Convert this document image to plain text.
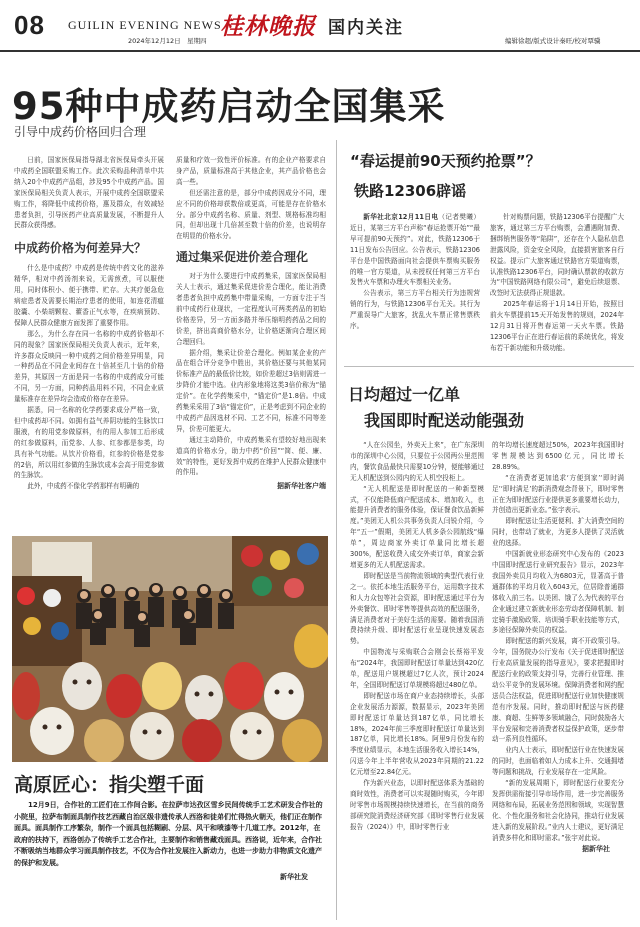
08 GUILIN EVENING NEWS
2024年12月12日　星期四
桂林晚报 国内关注
编辑徐超/版式设计秦旺/校对覃骥
95种中成药启动全国集采
引导中成药价格回归合理

日前，国家医保局指导湖北省医保局牵头开展中成药全国联盟采购工作。此次采购品种清单中共纳入20个中成药产品组，涉及95个中成药产品。国家医保局相关负责人表示，开展中成药全国联盟采购工作，将降低中成药价格，惠及群众，有效减轻患者负担，引导医药产业高质量发展，不断提升人民群众获得感。

中成药价格为何差异大？

什么是中成药？中成药是传统中药文化的滋养精华，相对中药汤剂来说，无需煎煮，可以服使用，同时体积小、便于携带、贮存。大其疗便急危病症患者及需要长期治疗患者的使用，如连花清瘟胶囊、小柴胡颗粒、藿香正气水等，在疾病预防、保障人民群众健康方面发挥了重要作用。

那么，为什么存在同一名称的中成药价格却不同的现象？国家医保局相关负责人表示，近年来，许多群众反映同一种中成药之间价格差异明显，同一种药品在不同企业间存在十倍甚至几十倍的价格差异，其原因一方面是同一名称的中成药成分可能不同，另一方面，同种药品用料不同，不同企业质量标准存在差异均会造成价格存在差异。

据悉，同一名称的化学药要求成分严格一致，但中成药却不同。如拥有益气养阴功能的生脉饮口服液，有的用党参做原料，有的用人参加工后形成的红参做原料，而党参、人参、红参都是参类，均具有补气功能。从饮片价格看，红参的价格是党参的2倍，所以用红参做的生脉饮成本会高于用党参做的生脉饮。

此外，中成药不像化学药那样有明确的

质量和疗效一致性评价标准。有的企业产格要求自身产品，质量标准高于其他企业，其产品价格也会高一些。

但还需注意的是，部分中成药因成分不同，理应不同的价格却获数倍或更高，可能是存在价格水分。部分中成药名称、质量、剂型、规格标准均相同，但却出现十几倍甚至数十倍的价差，也说明存在明显的价格水分。

通过集采促进价差合理化

对于为什么要进行中成药集采，国家医保局相关人士表示，通过集采促进价差合理化，能让消费者患者负担中成药集中带量采购，一方面专注于当前中成药行业现状，一定程度认可两类药品的初始价格差异，另一方面多路并举压缩明药药品之间的价差，挤出高商价格水分，让价格逐渐向合理区间合理回归。

据介绍，集采让价差合理化。例如某企业的产品在组合评分竞争中胜出，其价格还要与其他某同价标准产品的最低价比较，如价差超过3倍则需进一步降价才能中选。业内形象地将这类3倍价称为“锚定价”。在化学药集采中，“锚定价”是1.8倍。中成药集采采用了3倍“锚定价”，正是考虑到不同企业的中成药产品因选材不同、工艺不同，标准不同等差异，价差可能更大。

通过主动降价，中成药集采有望较好地出现来道高的价格水分，助力中药“价回”“简、便、廉、效”的特性，更好发挥中成药在维护人民群众健康中的作用。

据新华社客户端
高原匠心：指尖塑千面
12月9日，合作社的工匠们在工作间合影。在拉萨市达孜区雪乡民间传统手工艺术研发合作社的小院里，拉萨布制面具制作技艺西藏自治区级非遗传承人西洛和徒弟们忙得热火朝天，他们正在制作面具。面具制作工序繁杂，制作一个面具包括糊刷、分层、风干和喷漆等十几道工序。2012年，在政府的扶持下，西洛创办了传统手工艺合作社，主要制作和销售藏戏面具。西洛说，近年来，合作社不断吸纳当地群众学习面具制作技艺，不仅为合作社发展注入新动力，也进一步助力非物质文化遗产的保护和发展。
新华社发
“春运提前90天预约抢票”？
铁路12306辟谣

新华社北京12月11日电（记者樊曦）近日，某第三方平台声称“春运抢票开始”“最早可提前90天预约”。对此，铁路12306于11日发布公告回应。公告表示，铁路12306平台是中国铁路面向社会提供车票购买服务的唯一官方渠道，从未授权任何第三方平台发售火车票和办理火车票相关业务。

公告表示，第三方平台相关行为违规营销的行为，与铁路12306平台无关。其行为严重误导广大旅客，扰乱火车票正常售票秩序。

针对购票问题，铁路12306平台提醒广大旅客，通过第三方平台购票，会遭遇附加费、捆绑销售服务等“陷阱”，还存在个人隐私信息泄露风险，资金安全风险，直接损害旅客自行权益。提示广大旅客通过铁路官方渠道购票，认准铁路12306平台，同时确认票款的收款方为“中国铁路网络有限公司”，避免后续退票、改签时无法获得正规退款。

2025年春运将于1月14日开始，按照目前火车票提前15天开始发售的规则，2024年12月31日将开售春运第一天火车票。铁路12306平台正在进行春运前的系统优化，将发布若干新功能和升级功能。

日均超过一亿单
我国即时配送动能强劲

“人在公园坐，外卖天上来”，在广东深圳市的深圳中心公园，只要位于公园两公里范围内，餐饮食品最快只需要10分钟，便能够通过无人机配送到公园内的无人机空投柜上。

“无人机配送是即时配送的一种新型模式，不仅能降低商户配送成本、增加收入，也能提升消费者的服务体验，保证餐食饮品新鲜度。”美团无人机公共事务负责人闫锐介绍，今年“五一”假期，美团无人机多条公园航线“爆单”，周边商家外卖订单量同比增长超300%，配送收费入成交外卖订单，商家会新增更多的无人机配送需求。

即时配送是当前物流领域的典型代表行业之一。依托本地生活服务平台，运用数字技术和人力众包等社会资源，即时配送通过平台为外卖餐饮、即时零售等提供高效的配送服务，满足消费者对于美好生活的需要。随着我国消费持续升级、即时配送行业呈现快速发展态势。

中国物流与采购联合会刚会长蔡裕平发布“2024年，我国即时配送订单量达到420亿单，配送用户规模超过7亿人次，预计2024年，全国即时配送订单规模将超过480亿单。

即时配送市场在商户业态持续增长，头部企业发展活力源源，数据显示，2023年美团即时配送订单量达到187亿单，同比增长18%，2024年前三季度即时配送订单量达到187亿单，同比增长18%。阿里9月份发布的季度业绩显示，本地生活服务收入增长14%，闪送今年上半年营收从2023年同期的21.22亿元增至22.84亿元。

作为新兴业态，以即时配送体系为基础的商时效性，消费者可以实现随时购买，今年即时零售市场规模持续快速增长，在当前的商务部研究院消费经济研究部《即时零售行业发展报告（2024）》中，即时零售行业

的年均增长速度超过50%，2023年我国即时零售规模达到6500亿元，同比增长28.89%。

“在消费者更加追求‘方便到家’‘即时满足’‘即时满足’的新消费观念背景下，即时零售正在为即时配送行业提供更多重要增长动力，并创造出更新业态。”张宇表示。

即时配送让生活更便利、扩大消费空间的同时，也带动了就业，为更多人提供了灵活就业的选择。

中国新就业形态研究中心发布的《2023中国即时配送行业研究报告》显示，2023年我国外卖员月均收入为6803元，显著高于普通群体的平均月收入6043元，位居除普通群体收入前三名。以美团、饿了么为代表的平台企业通过建立新就业形态劳动者保障机制、制定骑手激励政策、培训骑手职业技能等方式，多途径保障外卖员的权益。

即时配送的新兴发展，离不开政策引导。今年，国务院办公厅发布《关于促进即时配送行业高质量发展的指导意见》，要求把握即时配送行业的政策支持引导，完善行业管理、推动公平竞争的发展环境。保障消费者和网约配送员合法权益，促进即时配送行业加快健康规范有序发展。同时，推动即时配送与医药健康、商超、生鲜等多领域融合，同时鼓励各大平台发展和完善消费者权益保护政策，逐步带动一系列良性循环。

业内人士表示，即时配送行业在快速发展的同时，也面临着如人力成本上升、交通拥堵等问题和挑战，行业发展存在一定风险。

“新的发展周期下，即时配送行业要充分发挥供需衔接引导市场作用，进一步完善服务网络和布局，拓展业务范围和领域，实现智慧化、个性化服务和社会化协同，推动行业发展进入新的发展阶段。”业内人士建议，更好满足消费多样化和即时需求。”张宇对此说。

据新华社
